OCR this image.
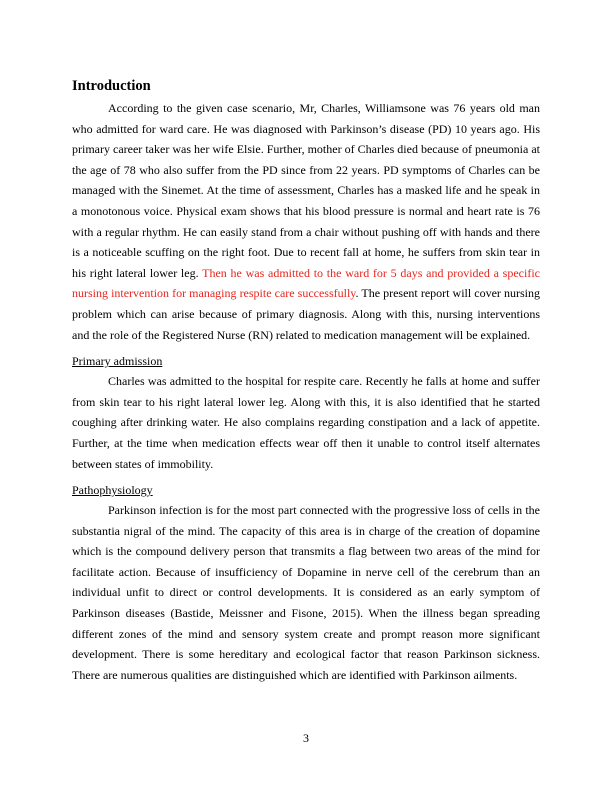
Introduction

According to the given case scenario, Mr, Charles, Williamsone was 76 years old man who admitted for ward care. He was diagnosed with Parkinson’s disease (PD) 10 years ago. His primary career taker was her wife Elsie. Further, mother of Charles died because of pneumonia at the age of 78 who also suffer from the PD since from 22 years. PD symptoms of Charles can be managed with the Sinemet. At the time of assessment, Charles has a masked life and he speak in a monotonous voice. Physical exam shows that his blood pressure is normal and heart rate is 76 with a regular rhythm. He can easily stand from a chair without pushing off with hands and there is a noticeable scuffing on the right foot. Due to recent fall at home, he suffers from skin tear in his right lateral lower leg. Then he was admitted to the ward for 5 days and provided a specific nursing intervention for managing respite care successfully. The present report will cover nursing problem which can arise because of primary diagnosis. Along with this, nursing interventions and the role of the Registered Nurse (RN) related to medication management will be explained.

Primary admission

Charles was admitted to the hospital for respite care. Recently he falls at home and suffer from skin tear to his right lateral lower leg. Along with this, it is also identified that he started coughing after drinking water. He also complains regarding constipation and a lack of appetite. Further, at the time when medication effects wear off then it unable to control itself alternates between states of immobility.

Pathophysiology

Parkinson infection is for the most part connected with the progressive loss of cells in the substantia nigral of the mind. The capacity of this area is in charge of the creation of dopamine which is the compound delivery person that transmits a flag between two areas of the mind for facilitate action. Because of insufficiency of Dopamine in nerve cell of the cerebrum than an individual unfit to direct or control developments. It is considered as an early symptom of Parkinson diseases (Bastide, Meissner and Fisone, 2015). When the illness began spreading different zones of the mind and sensory system create and prompt reason more significant development. There is some hereditary and ecological factor that reason Parkinson sickness. There are numerous qualities are distinguished which are identified with Parkinson ailments.

3
